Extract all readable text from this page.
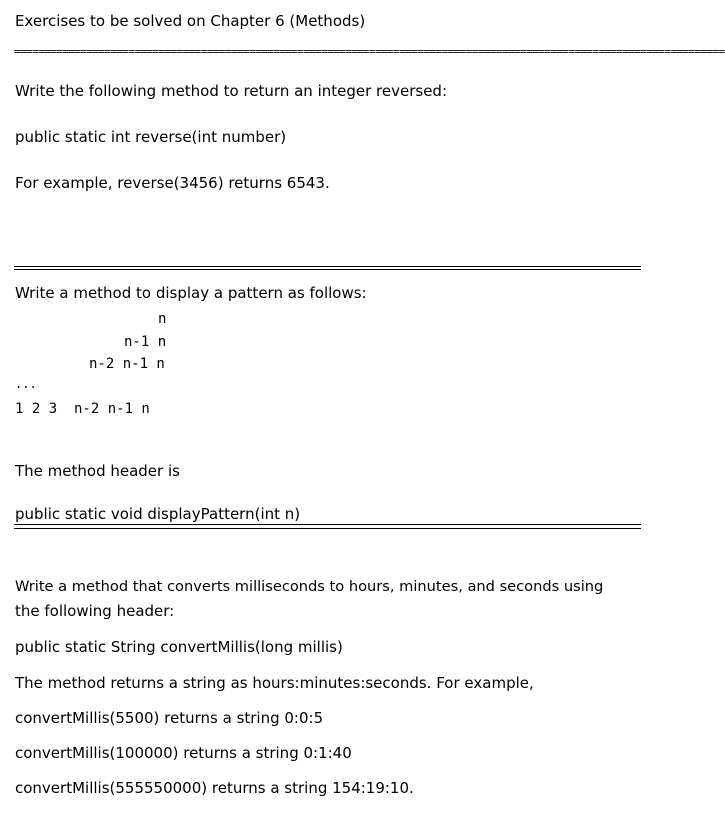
Exercises to be solved on Chapter 6 (Methods)
======================================================================================================================
Write the following method to return an integer reversed:
public static int reverse(int number)
For example, reverse(3456) returns 6543.
Write a method to display a pattern as follows:
n
n-1 n
n-2 n-1 n
...
1 2 3  n-2 n-1 n
The method header is
public static void displayPattern(int n)
Write a method that converts milliseconds to hours, minutes, and seconds using
the following header:
public static String convertMillis(long millis)
The method returns a string as hours:minutes:seconds. For example,
convertMillis(5500) returns a string 0:0:5
convertMillis(100000) returns a string 0:1:40
convertMillis(555550000) returns a string 154:19:10.
